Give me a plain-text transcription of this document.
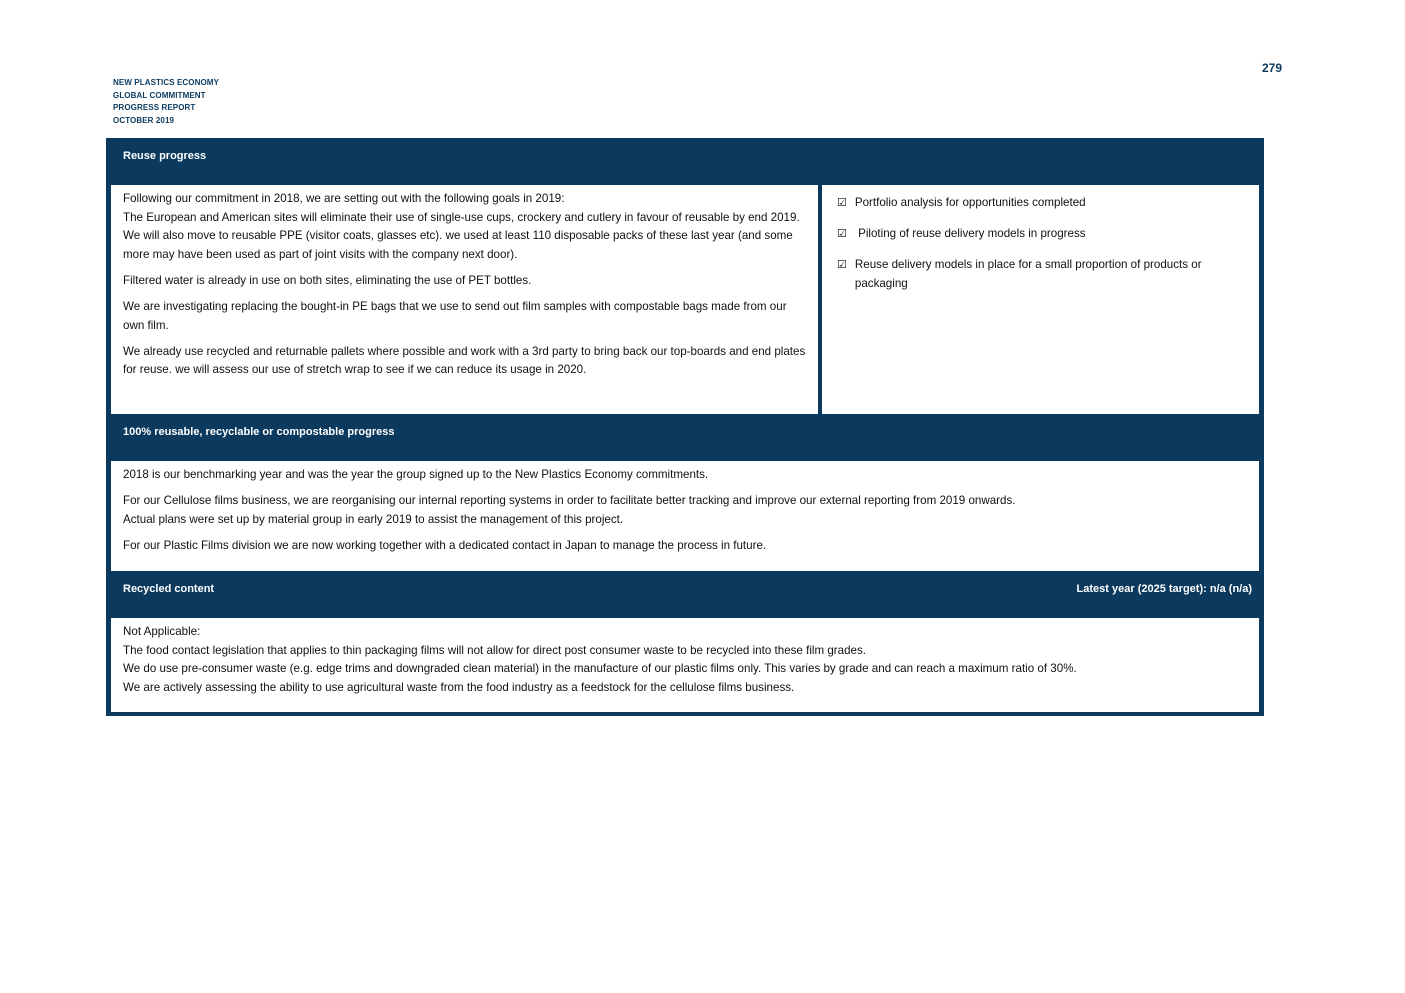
279
NEW PLASTICS ECONOMY
GLOBAL COMMITMENT
PROGRESS REPORT
OCTOBER 2019
Reuse progress

Following our commitment in 2018, we are setting out with the following goals in 2019:
The European and American sites will eliminate their use of single-use cups, crockery and cutlery in favour of reusable by end 2019.
We will also move to reusable PPE (visitor coats, glasses etc). we used at least 110 disposable packs of these last year (and some more may have been used as part of joint visits with the company next door).

Filtered water is already in use on both sites, eliminating the use of PET bottles.

We are investigating replacing the bought-in PE bags that we use to send out film samples with compostable bags made from our own film.

We already use recycled and returnable pallets where possible and work with a 3rd party to bring back our top-boards and end plates for reuse. we will assess our use of stretch wrap to see if we can reduce its usage in 2020.

☑ Portfolio analysis for opportunities completed
☑ Piloting of reuse delivery models in progress
☑ Reuse delivery models in place for a small proportion of products or packaging
100% reusable, recyclable or compostable progress

2018 is our benchmarking year and was the year the group signed up to the New Plastics Economy commitments.

For our Cellulose films business, we are reorganising our internal reporting systems in order to facilitate better tracking and improve our external reporting from 2019 onwards.
Actual plans were set up by material group in early 2019 to assist the management of this project.

For our Plastic Films division we are now working together with a dedicated contact in Japan to manage the process in future.

Recycled content	Latest year (2025 target): n/a (n/a)
Not Applicable:
The food contact legislation that applies to thin packaging films will not allow for direct post consumer waste to be recycled into these film grades.
We do use pre-consumer waste (e.g. edge trims and downgraded clean material) in the manufacture of our plastic films only. This varies by grade and can reach a maximum ratio of 30%.
We are actively assessing the ability to use agricultural waste from the food industry as a feedstock for the cellulose films business.
